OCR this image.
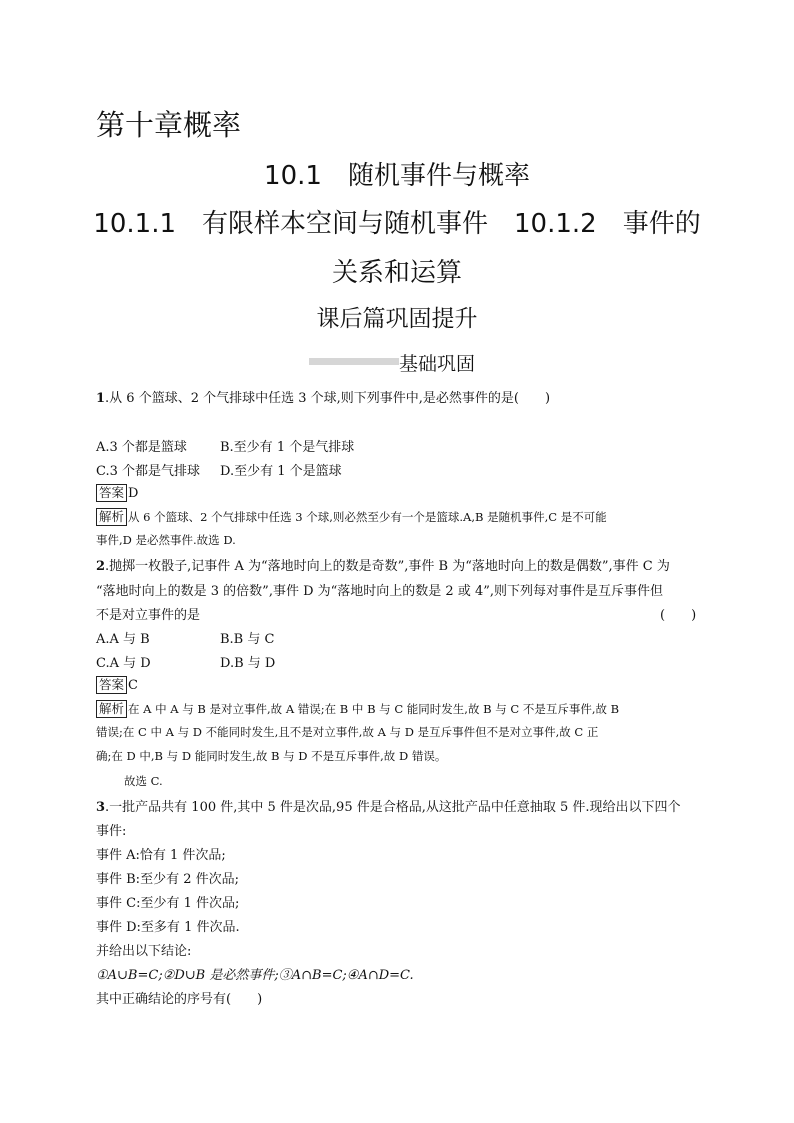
第十章概率
10.1　随机事件与概率
10.1.1　有限样本空间与随机事件　10.1.2　事件的
关系和运算
课后篇巩固提升
基础巩固
1.从 6 个篮球、2 个气排球中任选 3 个球,则下列事件中,是必然事件的是(　　)
A.3 个都是篮球	B.至少有 1 个是气排球
C.3 个都是气排球 D.至少有 1 个是篮球
答案 D
解析 从 6 个篮球、2 个气排球中任选 3 个球,则必然至少有一个是篮球.A,B 是随机事件,C 是不可能
事件,D 是必然事件.故选 D.
2.抛掷一枚骰子,记事件 A 为“落地时向上的数是奇数”,事件 B 为“落地时向上的数是偶数”,事件 C 为
“落地时向上的数是 3 的倍数”,事件 D 为“落地时向上的数是 2 或 4”,则下列每对事件是互斥事件但
不是对立事件的是	(　　)
A.A 与 B	B.B 与 C
C.A 与 D	D.B 与 D
答案 C
解析 在 A 中 A 与 B 是对立事件,故 A 错误;在 B 中 B 与 C 能同时发生,故 B 与 C 不是互斥事件,故 B
错误;在 C 中 A 与 D 不能同时发生,且不是对立事件,故 A 与 D 是互斥事件但不是对立事件,故 C 正
确;在 D 中,B 与 D 能同时发生,故 B 与 D 不是互斥事件,故 D 错误。
故选 C.
3.一批产品共有 100 件,其中 5 件是次品,95 件是合格品,从这批产品中任意抽取 5 件.现给出以下四个
事件:
事件 A:恰有 1 件次品;
事件 B:至少有 2 件次品;
事件 C:至少有 1 件次品;
事件 D:至多有 1 件次品.
并给出以下结论:
①A∪B=C;②D∪B 是必然事件;③A∩B=C;④A∩D=C.
其中正确结论的序号有(　　)
